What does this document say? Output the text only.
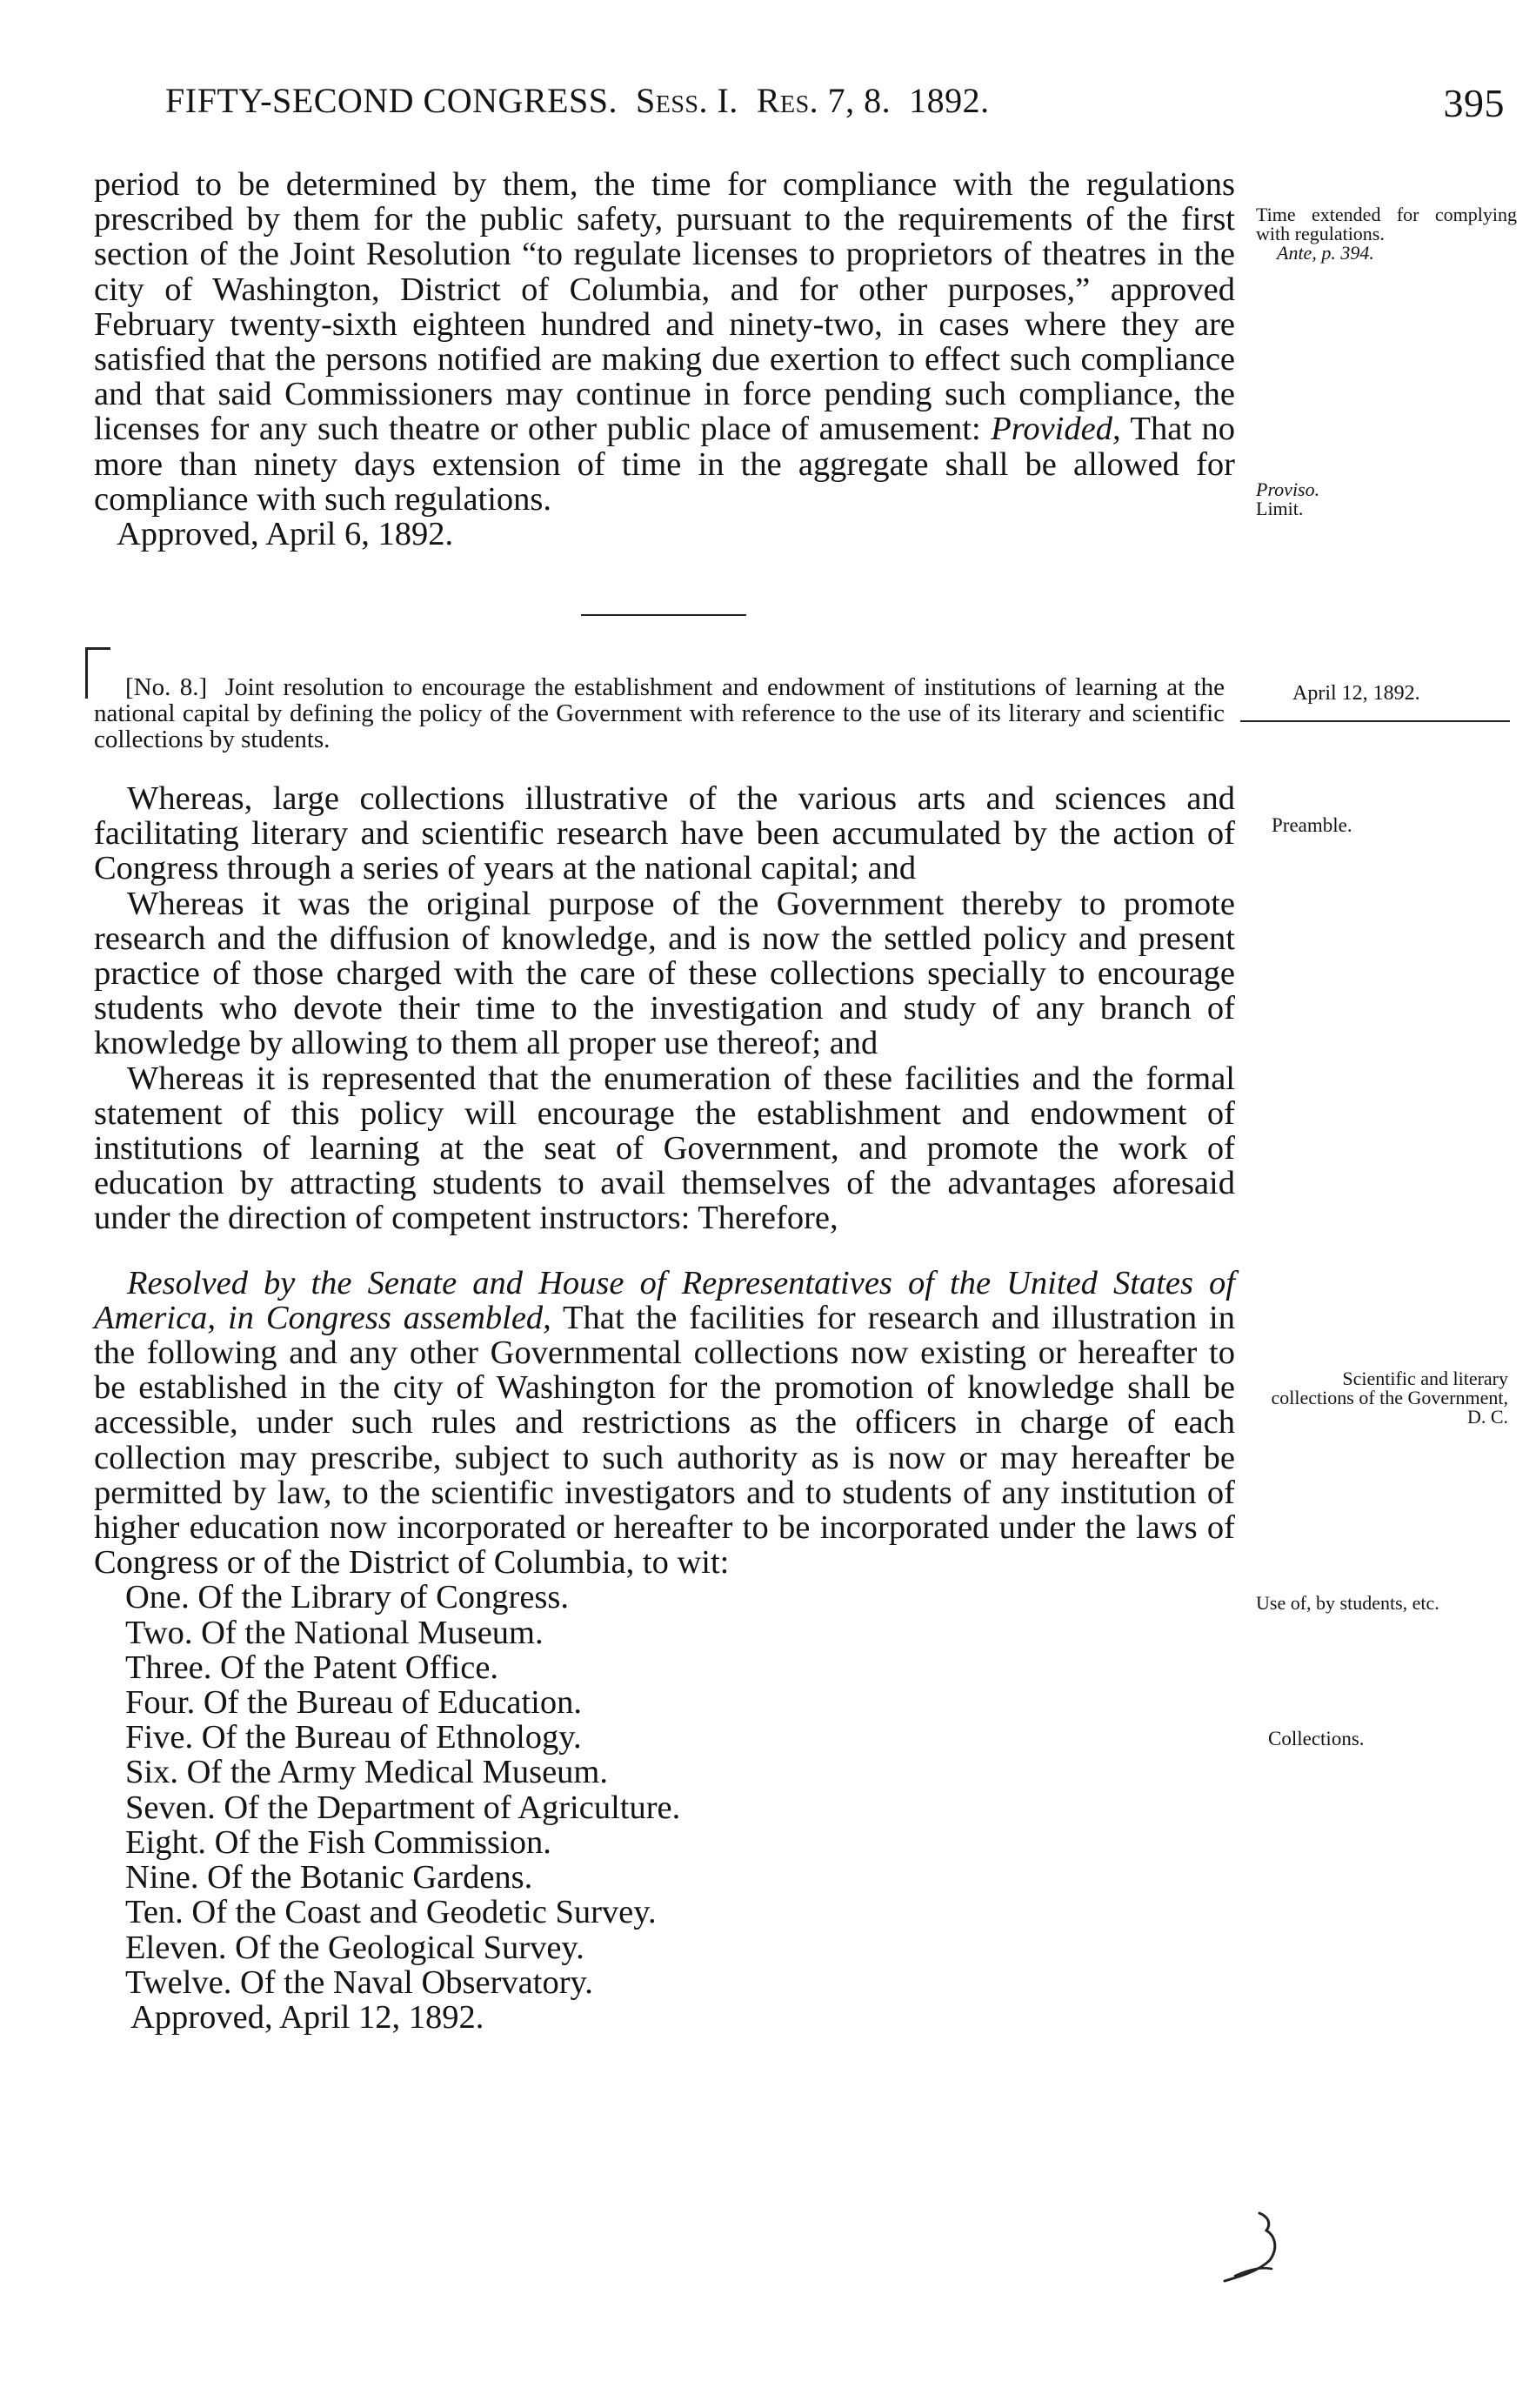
FIFTY-SECOND CONGRESS. Sess. I. Res. 7, 8. 1892.	395

period to be determined by them, the time for compliance with the regulations prescribed by them for the public safety, pursuant to the requirements of the first section of the Joint Resolution “to regulate licenses to proprietors of theatres in the city of Washington, District of Columbia, and for other purposes,” approved February twenty-sixth eighteen hundred and ninety-two, in cases where they are satisfied that the persons notified are making due exertion to effect such compliance and that said Commissioners may continue in force pending such compliance, the licenses for any such theatre or other public place of amusement: Provided, That no more than ninety days extension of time in the aggregate shall be allowed for compliance with such regulations.

Approved, April 6, 1892.

[No. 8.] Joint resolution to encourage the establishment and endowment of institutions of learning at the national capital by defining the policy of the Government with reference to the use of its literary and scientific collections by students.

Whereas, large collections illustrative of the various arts and sciences and facilitating literary and scientific research have been accumulated by the action of Congress through a series of years at the national capital; and

Whereas it was the original purpose of the Government thereby to promote research and the diffusion of knowledge, and is now the settled policy and present practice of those charged with the care of these collections specially to encourage students who devote their time to the investigation and study of any branch of knowledge by allowing to them all proper use thereof; and

Whereas it is represented that the enumeration of these facilities and the formal statement of this policy will encourage the establishment and endowment of institutions of learning at the seat of Government, and promote the work of education by attracting students to avail themselves of the advantages aforesaid under the direction of competent instructors: Therefore,

Resolved by the Senate and House of Representatives of the United States of America, in Congress assembled, That the facilities for research and illustration in the following and any other Governmental collections now existing or hereafter to be established in the city of Washington for the promotion of knowledge shall be accessible, under such rules and restrictions as the officers in charge of each collection may prescribe, subject to such authority as is now or may hereafter be permitted by law, to the scientific investigators and to students of any institution of higher education now incorporated or hereafter to be incorporated under the laws of Congress or of the District of Columbia, to wit:

One. Of the Library of Congress.
Two. Of the National Museum.
Three. Of the Patent Office.
Four. Of the Bureau of Education.
Five. Of the Bureau of Ethnology.
Six. Of the Army Medical Museum.
Seven. Of the Department of Agriculture.
Eight. Of the Fish Commission.
Nine. Of the Botanic Gardens.
Ten. Of the Coast and Geodetic Survey.
Eleven. Of the Geological Survey.
Twelve. Of the Naval Observatory.

Approved, April 12, 1892.

Time extended for complying with regulations.
Ante, p. 394.
Proviso.
Limit.
April 12, 1892.
Preamble.
Scientific and literary collections of the Government, D. C.
Use of, by students, etc.
Collections.
